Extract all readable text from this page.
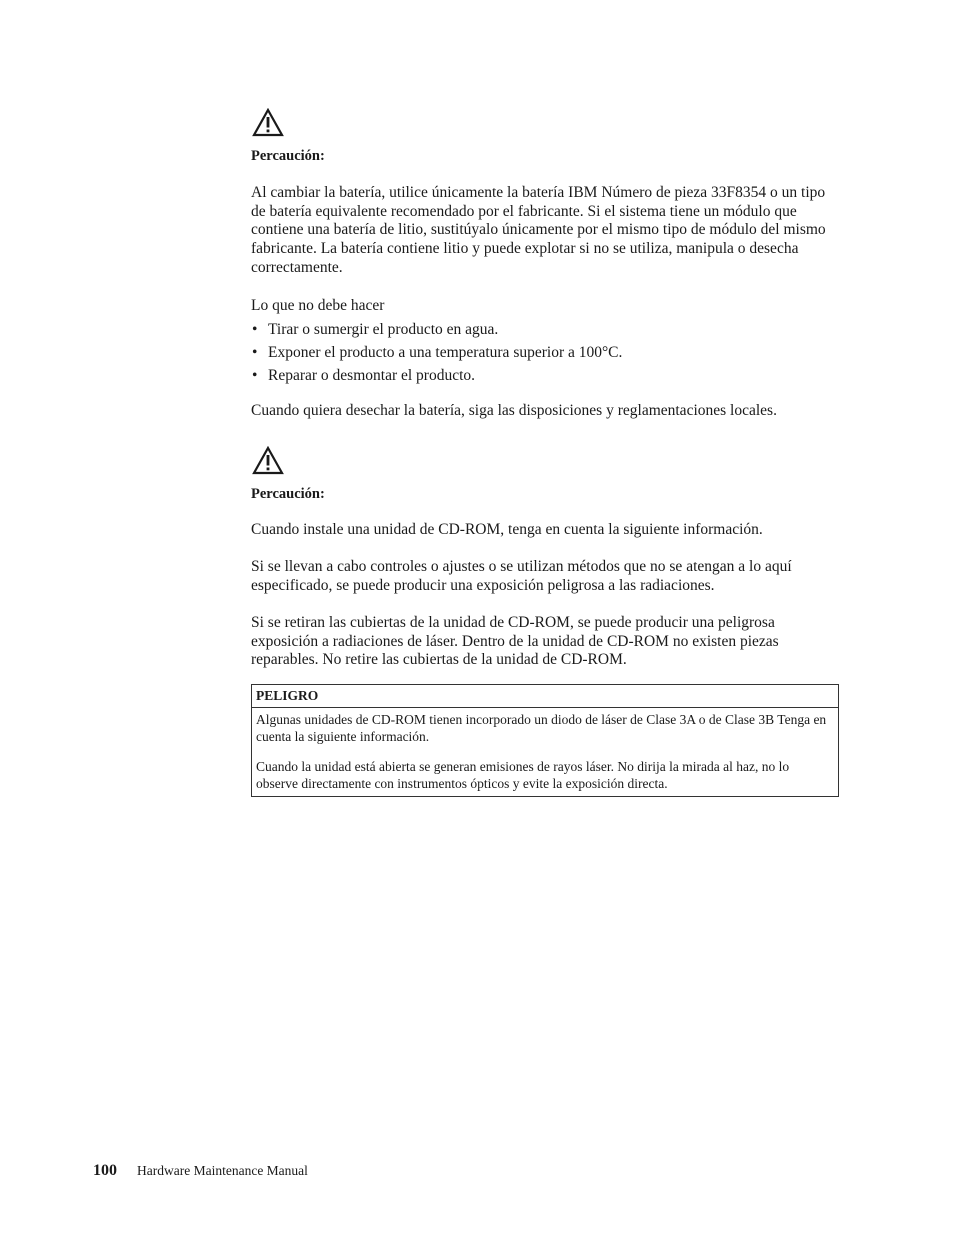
Percaución:

Al cambiar la batería, utilice únicamente la batería IBM Número de pieza 33F8354 o un tipo de batería equivalente recomendado por el fabricante. Si el sistema tiene un módulo que contiene una batería de litio, sustitúyalo únicamente por el mismo tipo de módulo del mismo fabricante. La batería contiene litio y puede explotar si no se utiliza, manipula o desecha correctamente.

Lo que no debe hacer

• Tirar o sumergir el producto en agua.
• Exponer el producto a una temperatura superior a 100°C.
• Reparar o desmontar el producto.

Cuando quiera desechar la batería, siga las disposiciones y reglamentaciones locales.

Percaución:

Cuando instale una unidad de CD-ROM, tenga en cuenta la siguiente información.

Si se llevan a cabo controles o ajustes o se utilizan métodos que no se atengan a lo aquí especificado, se puede producir una exposición peligrosa a las radiaciones.

Si se retiran las cubiertas de la unidad de CD-ROM, se puede producir una peligrosa exposición a radiaciones de láser. Dentro de la unidad de CD-ROM no existen piezas reparables. No retire las cubiertas de la unidad de CD-ROM.

PELIGRO

Algunas unidades de CD-ROM tienen incorporado un diodo de láser de Clase 3A o de Clase 3B Tenga en cuenta la siguiente información.

Cuando la unidad está abierta se generan emisiones de rayos láser. No dirija la mirada al haz, no lo observe directamente con instrumentos ópticos y evite la exposición directa.

100 Hardware Maintenance Manual
